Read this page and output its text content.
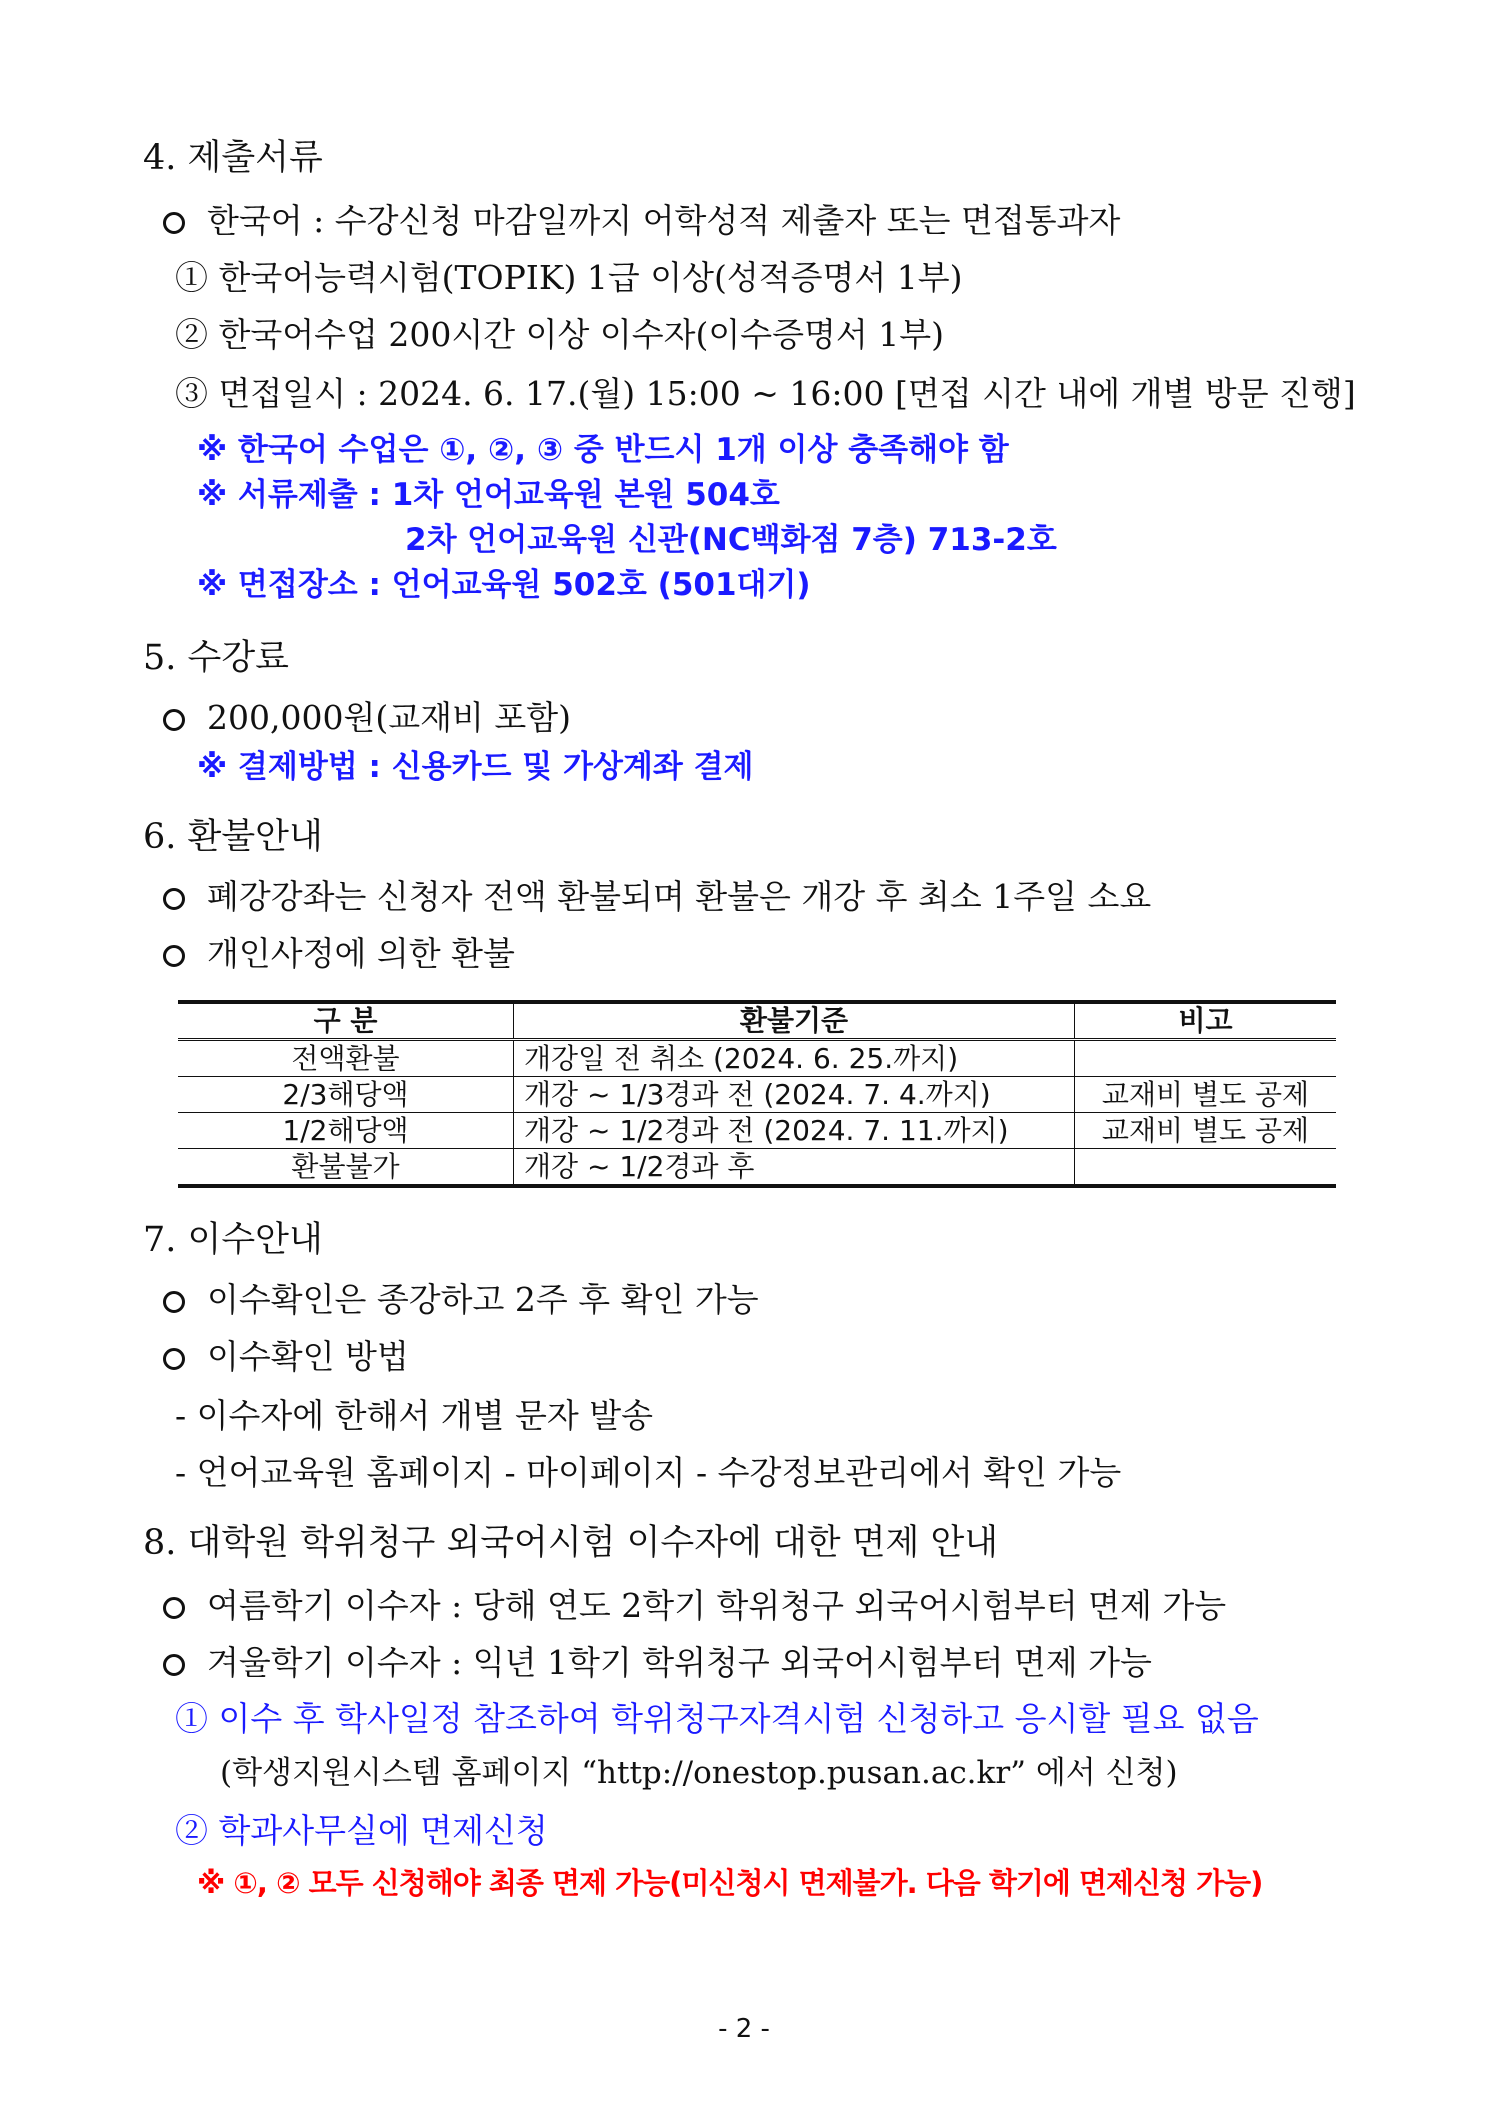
4. 제출서류
한국어 : 수강신청 마감일까지 어학성적 제출자 또는 면접통과자
① 한국어능력시험(TOPIK) 1급 이상(성적증명서 1부)
② 한국어수업 200시간 이상 이수자(이수증명서 1부)
③ 면접일시 : 2024. 6. 17.(월) 15:00 ~ 16:00 [면접 시간 내에 개별 방문 진행]
※ 한국어 수업은 ①, ②, ③ 중 반드시 1개 이상 충족해야 함
※ 서류제출 : 1차 언어교육원 본원 504호
2차 언어교육원 신관(NC백화점 7층) 713-2호
※ 면접장소 : 언어교육원 502호 (501대기)
5. 수강료
200,000원(교재비 포함)
※ 결제방법 : 신용카드 및 가상계좌 결제
6. 환불안내
폐강강좌는 신청자 전액 환불되며 환불은 개강 후 최소 1주일 소요
개인사정에 의한 환불
구 분	환불기준	비고
전액환불	개강일 전 취소 (2024. 6. 25.까지)	
2/3해당액	개강 ~ 1/3경과 전 (2024. 7. 4.까지)	교재비 별도 공제
1/2해당액	개강 ~ 1/2경과 전 (2024. 7. 11.까지)	교재비 별도 공제
환불불가	개강 ~ 1/2경과 후	
7. 이수안내
이수확인은 종강하고 2주 후 확인 가능
이수확인 방법
- 이수자에 한해서 개별 문자 발송
- 언어교육원 홈페이지 - 마이페이지 - 수강정보관리에서 확인 가능
8. 대학원 학위청구 외국어시험 이수자에 대한 면제 안내
여름학기 이수자 : 당해 연도 2학기 학위청구 외국어시험부터 면제 가능
겨울학기 이수자 : 익년 1학기 학위청구 외국어시험부터 면제 가능
① 이수 후 학사일정 참조하여 학위청구자격시험 신청하고 응시할 필요 없음
(학생지원시스템 홈페이지 “http://onestop.pusan.ac.kr” 에서 신청)
② 학과사무실에 면제신청
※ ①, ② 모두 신청해야 최종 면제 가능(미신청시 면제불가. 다음 학기에 면제신청 가능)
- 2 -
